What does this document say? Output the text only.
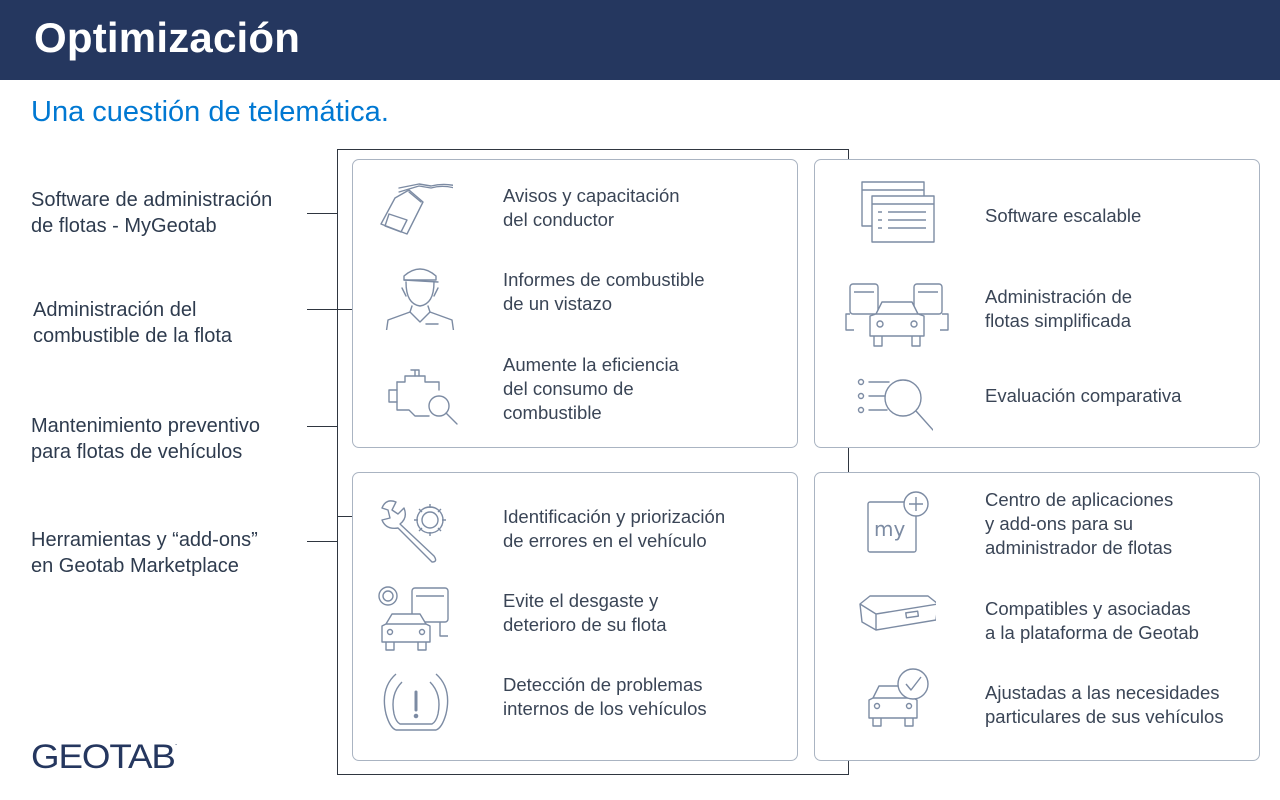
Optimización
Una cuestión de telemática.
Software de administración
de flotas - MyGeotab
Administración del
combustible de la flota
Mantenimiento preventivo
para flotas de vehículos
Herramientas y “add-ons”
en Geotab Marketplace
Avisos y capacitación
del conductor
Informes de combustible
de un vistazo
Aumente la eficiencia
del consumo de
combustible
Software escalable
Administración de
flotas simplificada
Evaluación comparativa
Identificación y priorización
de errores en el vehículo
Evite el desgaste y
deterioro de su flota
Detección de problemas
internos de los vehículos
my
Centro de aplicaciones
y add-ons para su
administrador de flotas
Compatibles y asociadas
a la plataforma de Geotab
Ajustadas a las necesidades
particulares de sus vehículos
GEOTAB.
